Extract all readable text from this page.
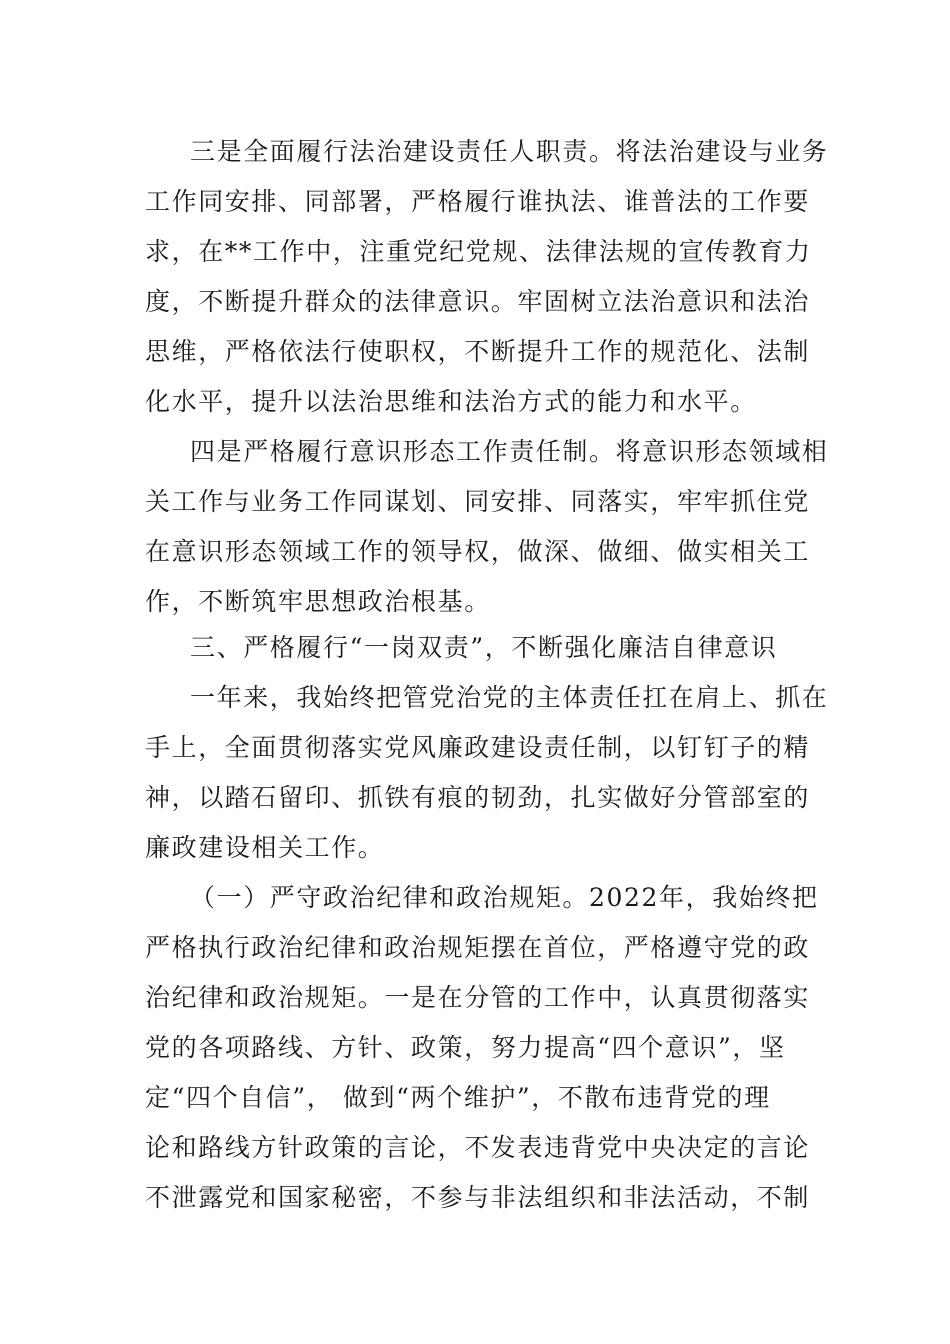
三是全面履行法治建设责任人职责。将法治建设与业务
工作同安排、同部署，严格履行谁执法、谁普法的工作要
求，在**工作中，注重党纪党规、法律法规的宣传教育力
度，不断提升群众的法律意识。牢固树立法治意识和法治
思维，严格依法行使职权，不断提升工作的规范化、法制
化水平，提升以法治思维和法治方式的能力和水平。
四是严格履行意识形态工作责任制。将意识形态领域相
关工作与业务工作同谋划、同安排、同落实，牢牢抓住党
在意识形态领域工作的领导权，做深、做细、做实相关工
作，不断筑牢思想政治根基。
三、严格履行“一岗双责”，不断强化廉洁自律意识
一年来，我始终把管党治党的主体责任扛在肩上、抓在
手上，全面贯彻落实党风廉政建设责任制，以钉钉子的精
神，以踏石留印、抓铁有痕的韧劲，扎实做好分管部室的
廉政建设相关工作。
（一）严守政治纪律和政治规矩。2022年，我始终把
严格执行政治纪律和政治规矩摆在首位，严格遵守党的政
治纪律和政治规矩。一是在分管的工作中，认真贯彻落实
党的各项路线、方针、政策，努力提高“四个意识”，坚
定“四个自信”， 做到“两个维护”，不散布违背党的理
论和路线方针政策的言论，不发表违背党中央决定的言论
不泄露党和国家秘密，不参与非法组织和非法活动，不制
